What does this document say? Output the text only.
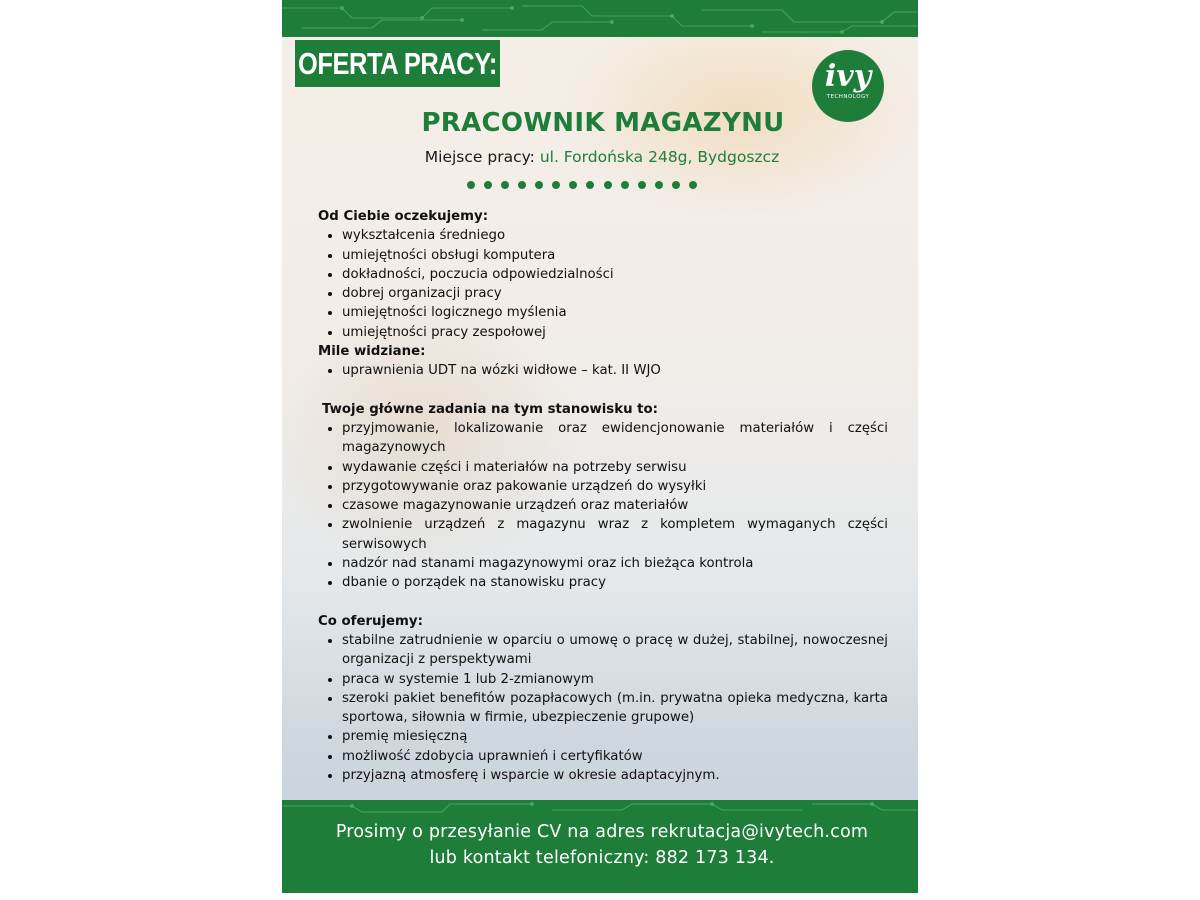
OFERTA PRACY:	ivy
TECHNOLOGY
PRACOWNIK MAGAZYNU
Miejsce pracy: ul. Fordońska 248g, Bydgoszcz
Od Ciebie oczekujemy:
wykształcenia średniego
umiejętności obsługi komputera
dokładności, poczucia odpowiedzialności
dobrej organizacji pracy
umiejętności logicznego myślenia
umiejętności pracy zespołowej
Mile widziane:
uprawnienia UDT na wózki widłowe – kat. II WJO
Twoje główne zadania na tym stanowisku to:
przyjmowanie, lokalizowanie oraz ewidencjonowanie materiałów i części magazynowych
wydawanie części i materiałów na potrzeby serwisu
przygotowywanie oraz pakowanie urządzeń do wysyłki
czasowe magazynowanie urządzeń oraz materiałów
zwolnienie urządzeń z magazynu wraz z kompletem wymaganych części serwisowych
nadzór nad stanami magazynowymi oraz ich bieżąca kontrola
dbanie o porządek na stanowisku pracy
Co oferujemy:
stabilne zatrudnienie w oparciu o umowę o pracę w dużej, stabilnej, nowoczesnej organizacji z perspektywami
praca w systemie 1 lub 2-zmianowym
szeroki pakiet benefitów pozapłacowych (m.in. prywatna opieka medyczna, karta sportowa, siłownia w firmie, ubezpieczenie grupowe)
premię miesięczną
możliwość zdobycia uprawnień i certyfikatów
przyjazną atmosferę i wsparcie w okresie adaptacyjnym.
Prosimy o przesyłanie CV na adres rekrutacja@ivytech.com
lub kontakt telefoniczny: 882 173 134.
